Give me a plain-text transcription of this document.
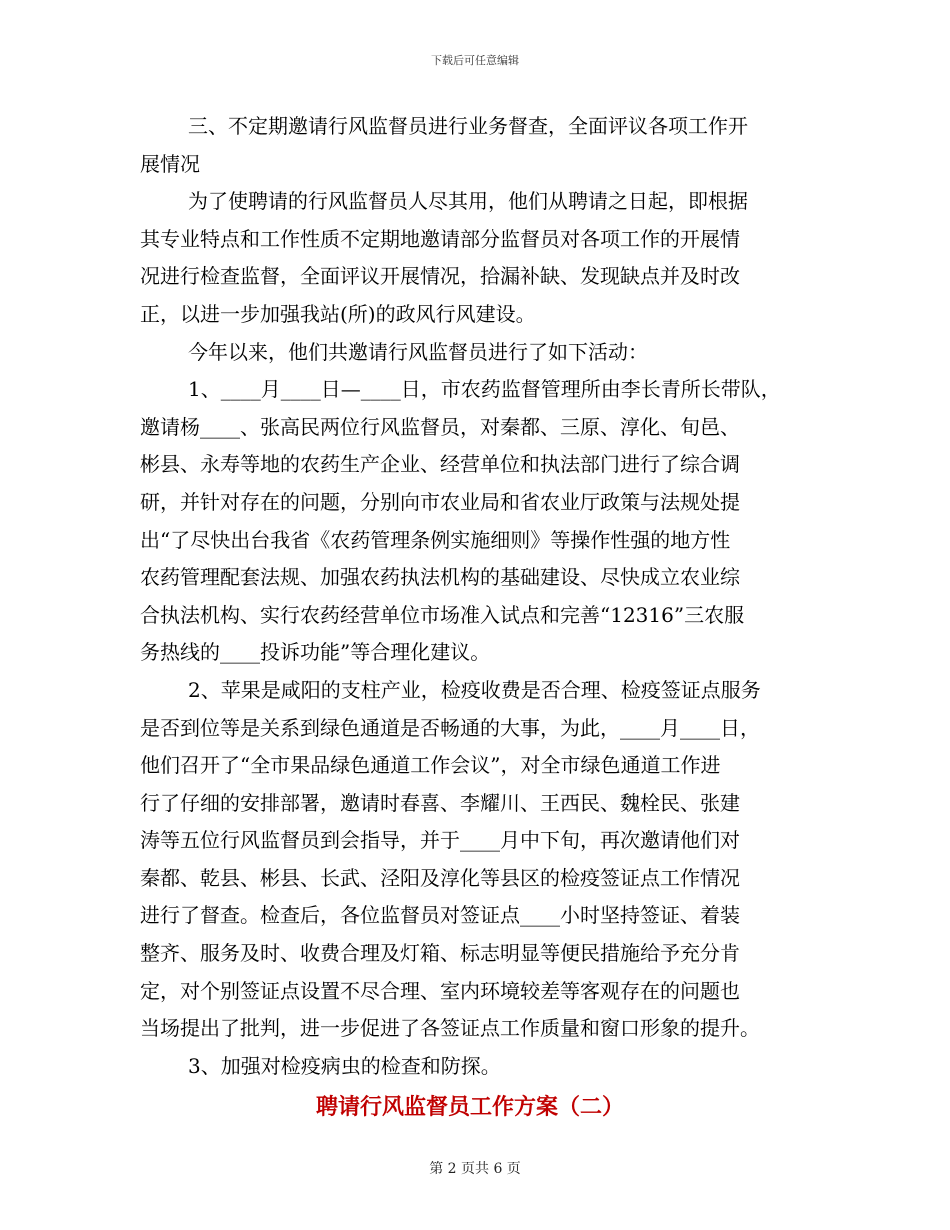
下载后可任意编辑
三、不定期邀请行风监督员进行业务督查，全面评议各项工作开
展情况
为了使聘请的行风监督员人尽其用，他们从聘请之日起，即根据
其专业特点和工作性质不定期地邀请部分监督员对各项工作的开展情
况进行检查监督，全面评议开展情况，拾漏补缺、发现缺点并及时改
正，以进一步加强我站(所)的政风行风建设。
今年以来，他们共邀请行风监督员进行了如下活动：
1、____月____日—____日，市农药监督管理所由李长青所长带队，
邀请杨____、张高民两位行风监督员，对秦都、三原、淳化、旬邑、
彬县、永寿等地的农药生产企业、经营单位和执法部门进行了综合调
研，并针对存在的问题，分别向市农业局和省农业厅政策与法规处提
出“了尽快出台我省《农药管理条例实施细则》等操作性强的地方性
农药管理配套法规、加强农药执法机构的基础建设、尽快成立农业综
合执法机构、实行农药经营单位市场准入试点和完善“12316”三农服
务热线的____投诉功能”等合理化建议。
2、苹果是咸阳的支柱产业，检疫收费是否合理、检疫签证点服务
是否到位等是关系到绿色通道是否畅通的大事，为此，____月____日，
他们召开了“全市果品绿色通道工作会议”，对全市绿色通道工作进
行了仔细的安排部署，邀请时春喜、李耀川、王西民、魏栓民、张建
涛等五位行风监督员到会指导，并于____月中下旬，再次邀请他们对
秦都、乾县、彬县、长武、泾阳及淳化等县区的检疫签证点工作情况
进行了督查。检查后，各位监督员对签证点____小时坚持签证、着装
整齐、服务及时、收费合理及灯箱、标志明显等便民措施给予充分肯
定，对个别签证点设置不尽合理、室内环境较差等客观存在的问题也
当场提出了批判，进一步促进了各签证点工作质量和窗口形象的提升。
3、加强对检疫病虫的检查和防探。
聘请行风监督员工作方案（二）
第 2 页共 6 页
